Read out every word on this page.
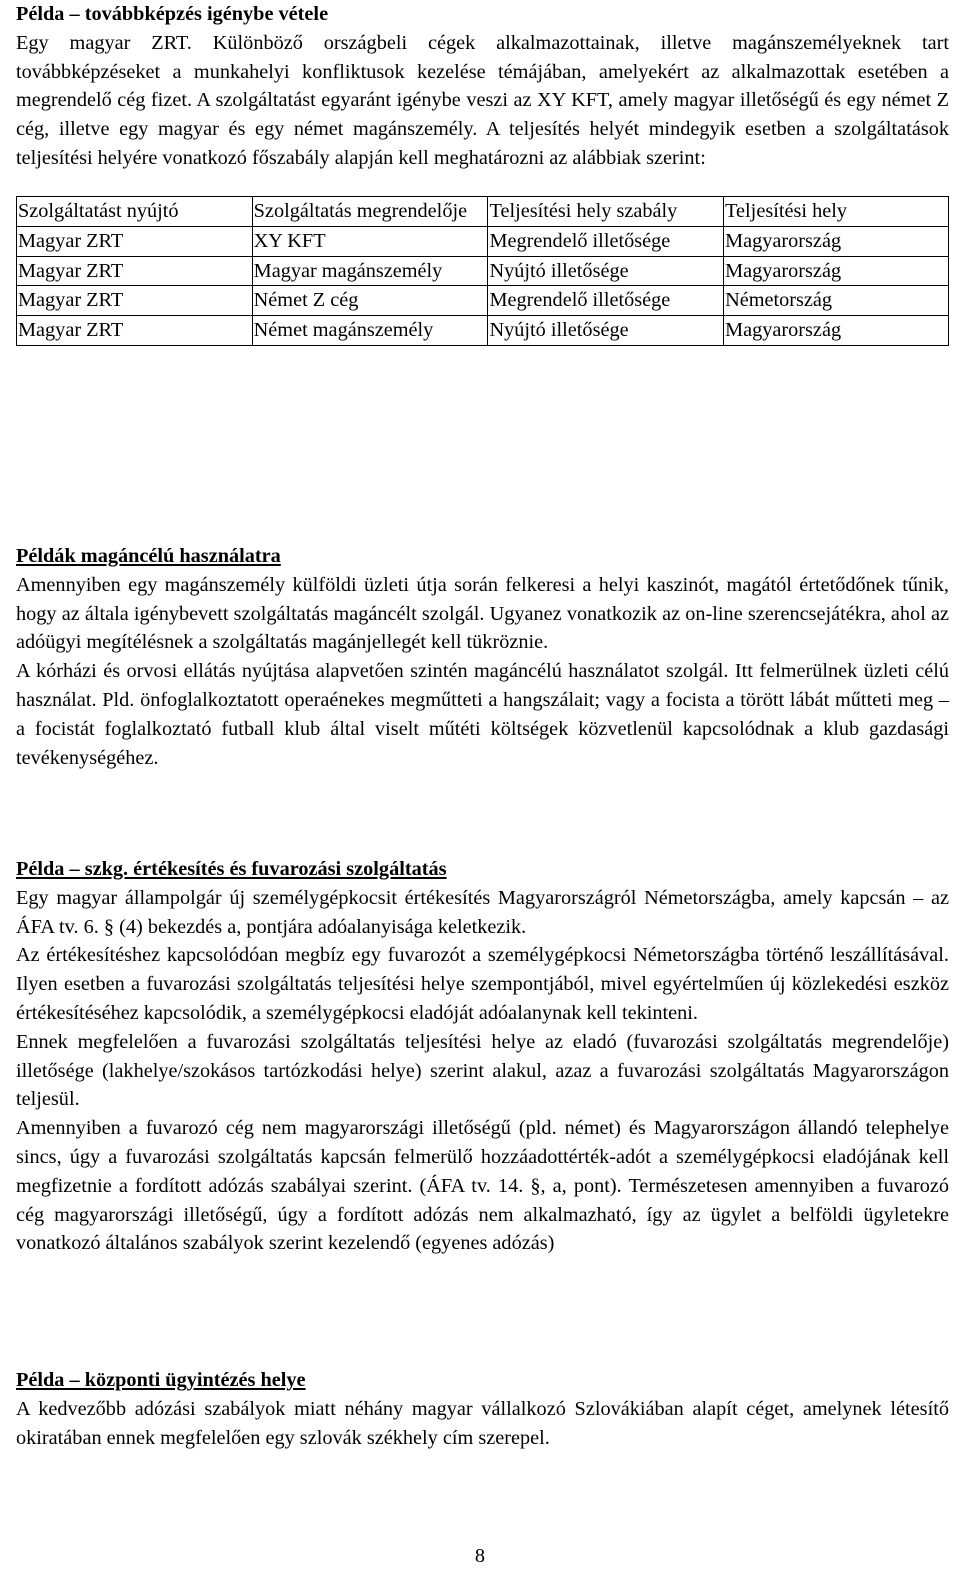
Példa – továbbképzés igénybe vétele

Egy magyar ZRT. Különböző országbeli cégek alkalmazottainak, illetve magánszemélyeknek tart továbbképzéseket a munkahelyi konfliktusok kezelése témájában, amelyekért az alkalmazottak esetében a megrendelő cég fizet. A szolgáltatást egyaránt igénybe veszi az XY KFT, amely magyar illetőségű és egy német Z cég, illetve egy magyar és egy német magánszemély. A teljesítés helyét mindegyik esetben a szolgáltatások teljesítési helyére vonatkozó főszabály alapján kell meghatározni az alábbiak szerint:

Szolgáltatást nyújtó	Szolgáltatás megrendelője	Teljesítési hely szabály	Teljesítési hely

Magyar ZRT	XY KFT	Megrendelő illetősége	Magyarország

Magyar ZRT	Magyar magánszemély	Nyújtó illetősége	Magyarország

Magyar ZRT	Német Z cég	Megrendelő illetősége	Németország

Magyar ZRT	Német magánszemély	Nyújtó illetősége	Magyarország
Példák magáncélú használatra

Amennyiben egy magánszemély külföldi üzleti útja során felkeresi a helyi kaszinót, magától értetődőnek tűnik, hogy az általa igénybevett szolgáltatás magáncélt szolgál. Ugyanez vonatkozik az on-line szerencsejátékra, ahol az adóügyi megítélésnek a szolgáltatás magánjellegét kell tükröznie.

A kórházi és orvosi ellátás nyújtása alapvetően szintén magáncélú használatot szolgál. Itt felmerülnek üzleti célú használat. Pld. önfoglalkoztatott operaénekes megműtteti a hangszálait; vagy a focista a törött lábát műtteti meg – a focistát foglalkoztató futball klub által viselt műtéti költségek közvetlenül kapcsolódnak a klub gazdasági tevékenységéhez.

Példa – szkg. értékesítés és fuvarozási szolgáltatás

Egy magyar állampolgár új személygépkocsit értékesítés Magyarországról Németországba, amely kapcsán – az ÁFA tv. 6. § (4) bekezdés a, pontjára adóalanyisága keletkezik.

Az értékesítéshez kapcsolódóan megbíz egy fuvarozót a személygépkocsi Németországba történő leszállításával. Ilyen esetben a fuvarozási szolgáltatás teljesítési helye szempontjából, mivel egyértelműen új közlekedési eszköz értékesítéséhez kapcsolódik, a személygépkocsi eladóját adóalanynak kell tekinteni.

Ennek megfelelően a fuvarozási szolgáltatás teljesítési helye az eladó (fuvarozási szolgáltatás megrendelője) illetősége (lakhelye/szokásos tartózkodási helye) szerint alakul, azaz a fuvarozási szolgáltatás Magyarországon teljesül.

Amennyiben a fuvarozó cég nem magyarországi illetőségű (pld. német) és Magyarországon állandó telephelye sincs, úgy a fuvarozási szolgáltatás kapcsán felmerülő hozzáadottérték-adót a személygépkocsi eladójának kell megfizetnie a fordított adózás szabályai szerint. (ÁFA tv. 14. §, a, pont). Természetesen amennyiben a fuvarozó cég magyarországi illetőségű, úgy a fordított adózás nem alkalmazható, így az ügylet a belföldi ügyletekre vonatkozó általános szabályok szerint kezelendő (egyenes adózás)

Példa – központi ügyintézés helye

A kedvezőbb adózási szabályok miatt néhány magyar vállalkozó Szlovákiában alapít céget, amelynek létesítő okiratában ennek megfelelően egy szlovák székhely cím szerepel.

8
